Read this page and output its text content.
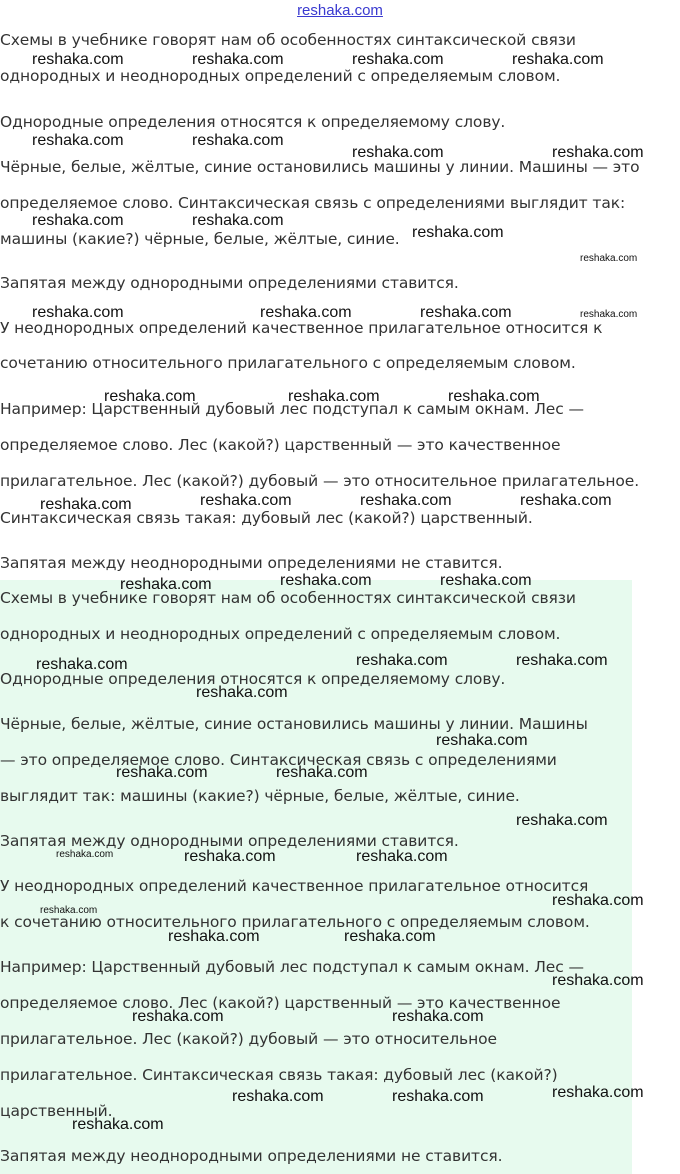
reshaka.com
Схемы в учебнике говорят нам об особенностях синтаксической связи
однородных и неоднородных определений с определяемым словом.
Однородные определения относятся к определяемому слову.
Чёрные, белые, жёлтые, синие остановились машины у линии. Машины — это
определяемое слово. Синтаксическая связь с определениями выглядит так:
машины (какие?) чёрные, белые, жёлтые, синие.
Запятая между однородными определениями ставится.
У неоднородных определений качественное прилагательное относится к
сочетанию относительного прилагательного с определяемым словом.
Например: Царственный дубовый лес подступал к самым окнам. Лес —
определяемое слово. Лес (какой?) царственный — это качественное
прилагательное. Лес (какой?) дубовый — это относительное прилагательное.
Синтаксическая связь такая: дубовый лес (какой?) царственный.
Запятая между неоднородными определениями не ставится.
Схемы в учебнике говорят нам об особенностях синтаксической связи
однородных и неоднородных определений с определяемым словом.
Однородные определения относятся к определяемому слову.
Чёрные, белые, жёлтые, синие остановились машины у линии. Машины
— это определяемое слово. Синтаксическая связь с определениями
выглядит так: машины (какие?) чёрные, белые, жёлтые, синие.
Запятая между однородными определениями ставится.
У неоднородных определений качественное прилагательное относится
к сочетанию относительного прилагательного с определяемым словом.
Например: Царственный дубовый лес подступал к самым окнам. Лес —
определяемое слово. Лес (какой?) царственный — это качественное
прилагательное. Лес (какой?) дубовый — это относительное
прилагательное. Синтаксическая связь такая: дубовый лес (какой?)
царственный.
Запятая между неоднородными определениями не ставится.
reshaka.com	reshaka.com	reshaka.com	reshaka.com
reshaka.com	reshaka.com
reshaka.com	reshaka.com
reshaka.com	reshaka.com
reshaka.com
reshaka.com
reshaka.com	reshaka.com	reshaka.com	reshaka.com
reshaka.com	reshaka.com	reshaka.com
reshaka.com	reshaka.com	reshaka.com	reshaka.com
reshaka.com	reshaka.com	reshaka.com
reshaka.com	reshaka.com	reshaka.com
reshaka.com
reshaka.com
reshaka.com	reshaka.com
reshaka.com
reshaka.com	reshaka.com	reshaka.com
reshaka.com
reshaka.com
reshaka.com	reshaka.com
reshaka.com
reshaka.com	reshaka.com
reshaka.com	reshaka.com	reshaka.com
reshaka.com
